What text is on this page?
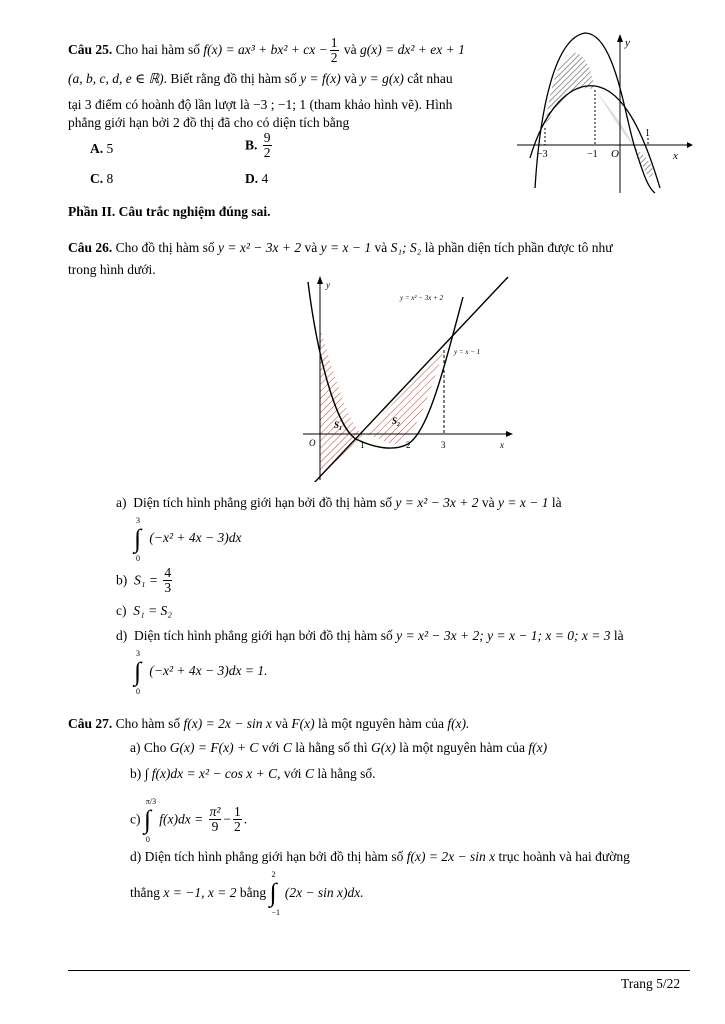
Câu 25. Cho hai hàm số f(x) = ax³ + bx² + cx − $\frac{1}{2}$ và g(x) = dx² + ex + 1
(a, b, c, d, e ∈ ℝ). Biết rằng đồ thị hàm số y = f(x) và y = g(x) cắt nhau
tại 3 điểm có hoành độ lần lượt là −3 ; −1; 1 (tham khảo hình vẽ). Hình
phẳng giới hạn bởi 2 đồ thị đã cho có diện tích bằng
A. 5	B. $\frac{9}{2}$
C. 8	D. 4
y
x
O
−3	−1
1
Phần II. Câu trắc nghiệm đúng sai.
Câu 26. Cho đồ thị hàm số y = x² − 3x + 2 và y = x − 1 và S₁; S₂ là phần diện tích phần được tô như
trong hình dưới.
y
x
O
y = x² − 3x + 2
y = x − 1
S₁	S₂
1	2	3
a) Diện tích hình phẳng giới hạn bởi đồ thị hàm số y = x² − 3x + 2 và y = x − 1 là
∫
3
0
(−x² + 4x − 3)dx
b) $S_1 = \frac{4}{3}$
c) S₁ = S₂
d) Diện tích hình phẳng giới hạn bởi đồ thị hàm số y = x² − 3x + 2; y = x − 1; x = 0; x = 3 là
∫
3
0
(−x² + 4x − 3)dx = 1.
Câu 27. Cho hàm số f(x) = 2x − sin x và F(x) là một nguyên hàm của f(x).
a) Cho G(x) = F(x) + C với C là hằng số thì G(x) là một nguyên hàm của f(x)
b) ∫ f(x)dx = x² − cos x + C, với C là hằng số.
c) ∫
π/3
0
$f(x)dx = \frac{\text{π²}}{9} - \frac{1}{2}$ .
d) Diện tích hình phẳng giới hạn bởi đồ thị hàm số f(x) = 2x − sin x trục hoành và hai đường
thẳng x = −1, x = 2 bằng ∫
2
−1
(2x − sin x)dx.
Trang 5/22
